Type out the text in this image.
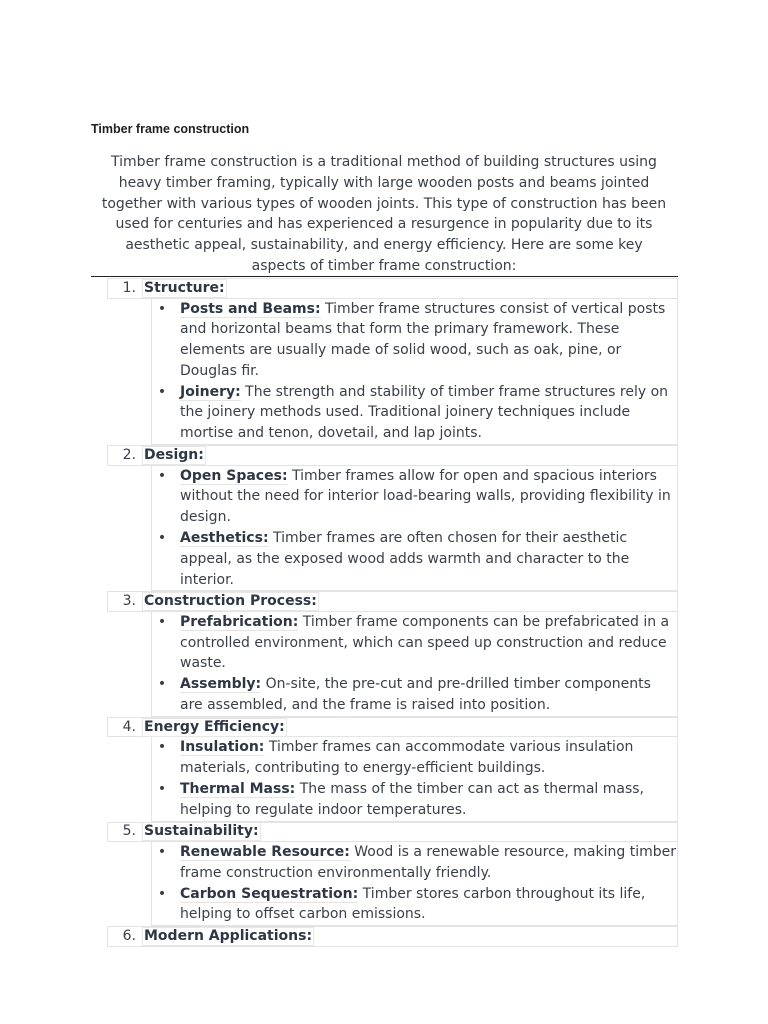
Timber frame construction

Timber frame construction is a traditional method of building structures using heavy timber framing, typically with large wooden posts and beams jointed together with various types of wooden joints. This type of construction has been used for centuries and has experienced a resurgence in popularity due to its aesthetic appeal, sustainability, and energy efficiency. Here are some key aspects of timber frame construction:

1. Structure:
• Posts and Beams: Timber frame structures consist of vertical posts and horizontal beams that form the primary framework. These elements are usually made of solid wood, such as oak, pine, or Douglas fir.
• Joinery: The strength and stability of timber frame structures rely on the joinery methods used. Traditional joinery techniques include mortise and tenon, dovetail, and lap joints.
2. Design:
• Open Spaces: Timber frames allow for open and spacious interiors without the need for interior load-bearing walls, providing flexibility in design.
• Aesthetics: Timber frames are often chosen for their aesthetic appeal, as the exposed wood adds warmth and character to the interior.
3. Construction Process:
• Prefabrication: Timber frame components can be prefabricated in a controlled environment, which can speed up construction and reduce waste.
• Assembly: On-site, the pre-cut and pre-drilled timber components are assembled, and the frame is raised into position.
4. Energy Efficiency:
• Insulation: Timber frames can accommodate various insulation materials, contributing to energy-efficient buildings.
• Thermal Mass: The mass of the timber can act as thermal mass, helping to regulate indoor temperatures.
5. Sustainability:
• Renewable Resource: Wood is a renewable resource, making timber frame construction environmentally friendly.
• Carbon Sequestration: Timber stores carbon throughout its life, helping to offset carbon emissions.
6. Modern Applications:
